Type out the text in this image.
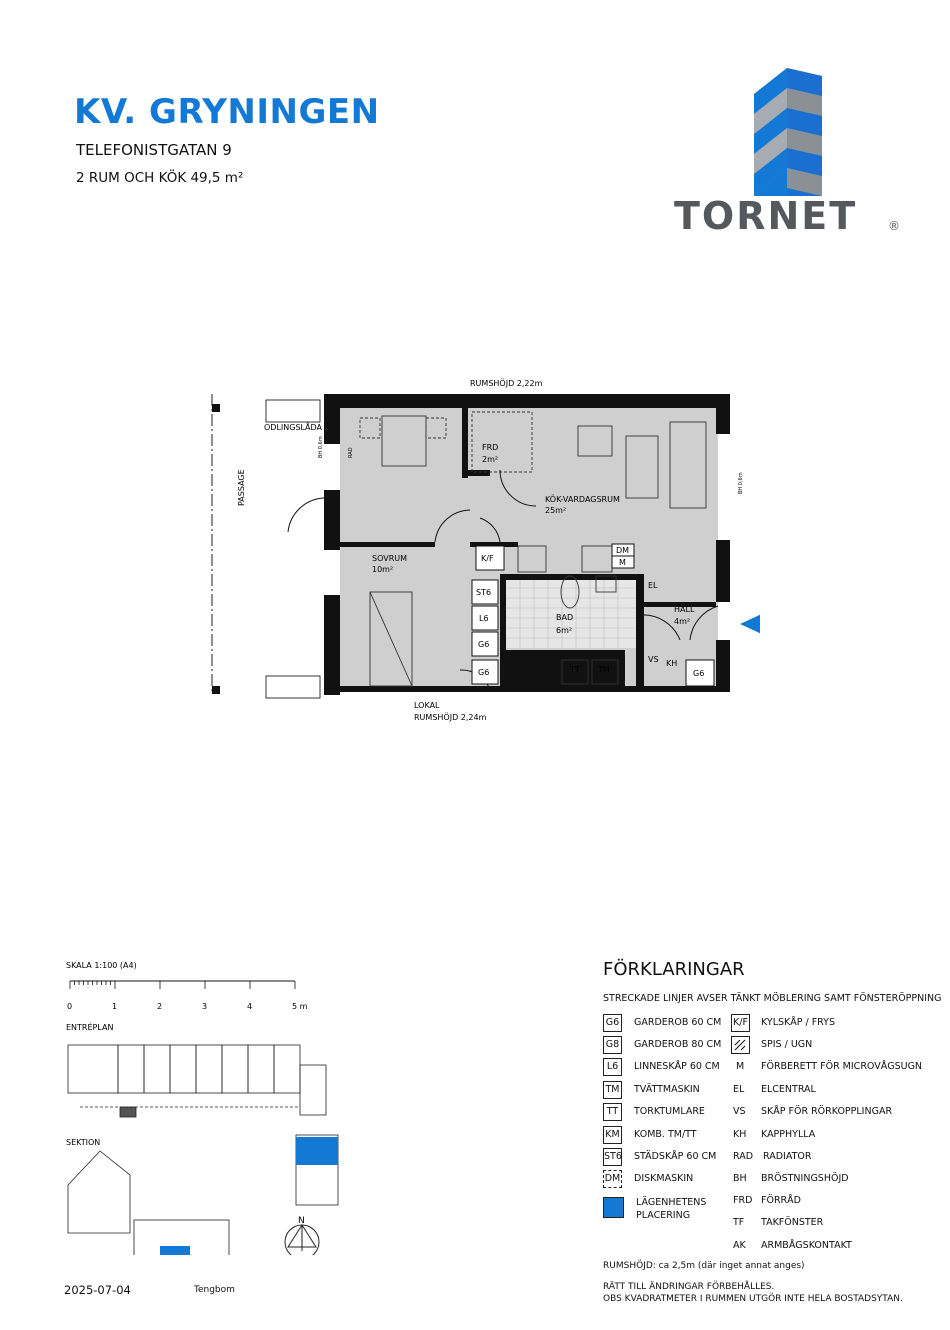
KV. GRYNINGEN
TELEFONISTGATAN 9
2 RUM OCH KÖK 49,5 m²
TORNET	®
RUMSHÖJD 2,22m
ODLINGSLÅDA
PASSAGE
FRD
2m²
KÖK-VARDAGSRUM
25m²
SOVRUM
10m²
BAD
6m²
HALL
4m²
LOKAL
RUMSHÖJD 2,24m
K/F
DM
M
ST6
L6
G6
G6	G6
EL
VS KH
TT TM
RAD
BH 0,6m
BH 0,6m
SKALA 1:100 (A4)
0	1	2	3	4	5 m
ENTRÉPLAN
SEKTION
N
FÖRKLARINGAR
STRECKADE LINJER AVSER TÄNKT MÖBLERING SAMT FÖNSTERÖPPNING
G6 GARDEROB 60 CM
G8 GARDEROB 80 CM
L6	LINNESKÅP 60 CM
TM TVÄTTMASKIN
TT	TORKTUMLARE
KM KOMB. TM/TT
ST6 STÄDSKÅP 60 CM
DM DISKMASKIN
LÄGENHETENS
PLACERING
K/F KYLSKÅP / FRYS
SPIS / UGN
M FÖRBERETT FÖR MICROVÅGSUGN
EL ELCENTRAL
VS SKÅP FÖR RÖRKOPPLINGAR
KH KAPPHYLLA
RAD RADIATOR
BH BRÖSTNINGSHÖJD
FRD FÖRRÅD
TF TAKFÖNSTER
AK ARMBÅGSKONTAKT
RUMSHÖJD: ca 2,5m (där inget annat anges)
RÄTT TILL ÄNDRINGAR FÖRBEHÅLLES.
OBS KVADRATMETER I RUMMEN UTGÖR INTE HELA BOSTADSYTAN.
2025-07-04	Tengbom
